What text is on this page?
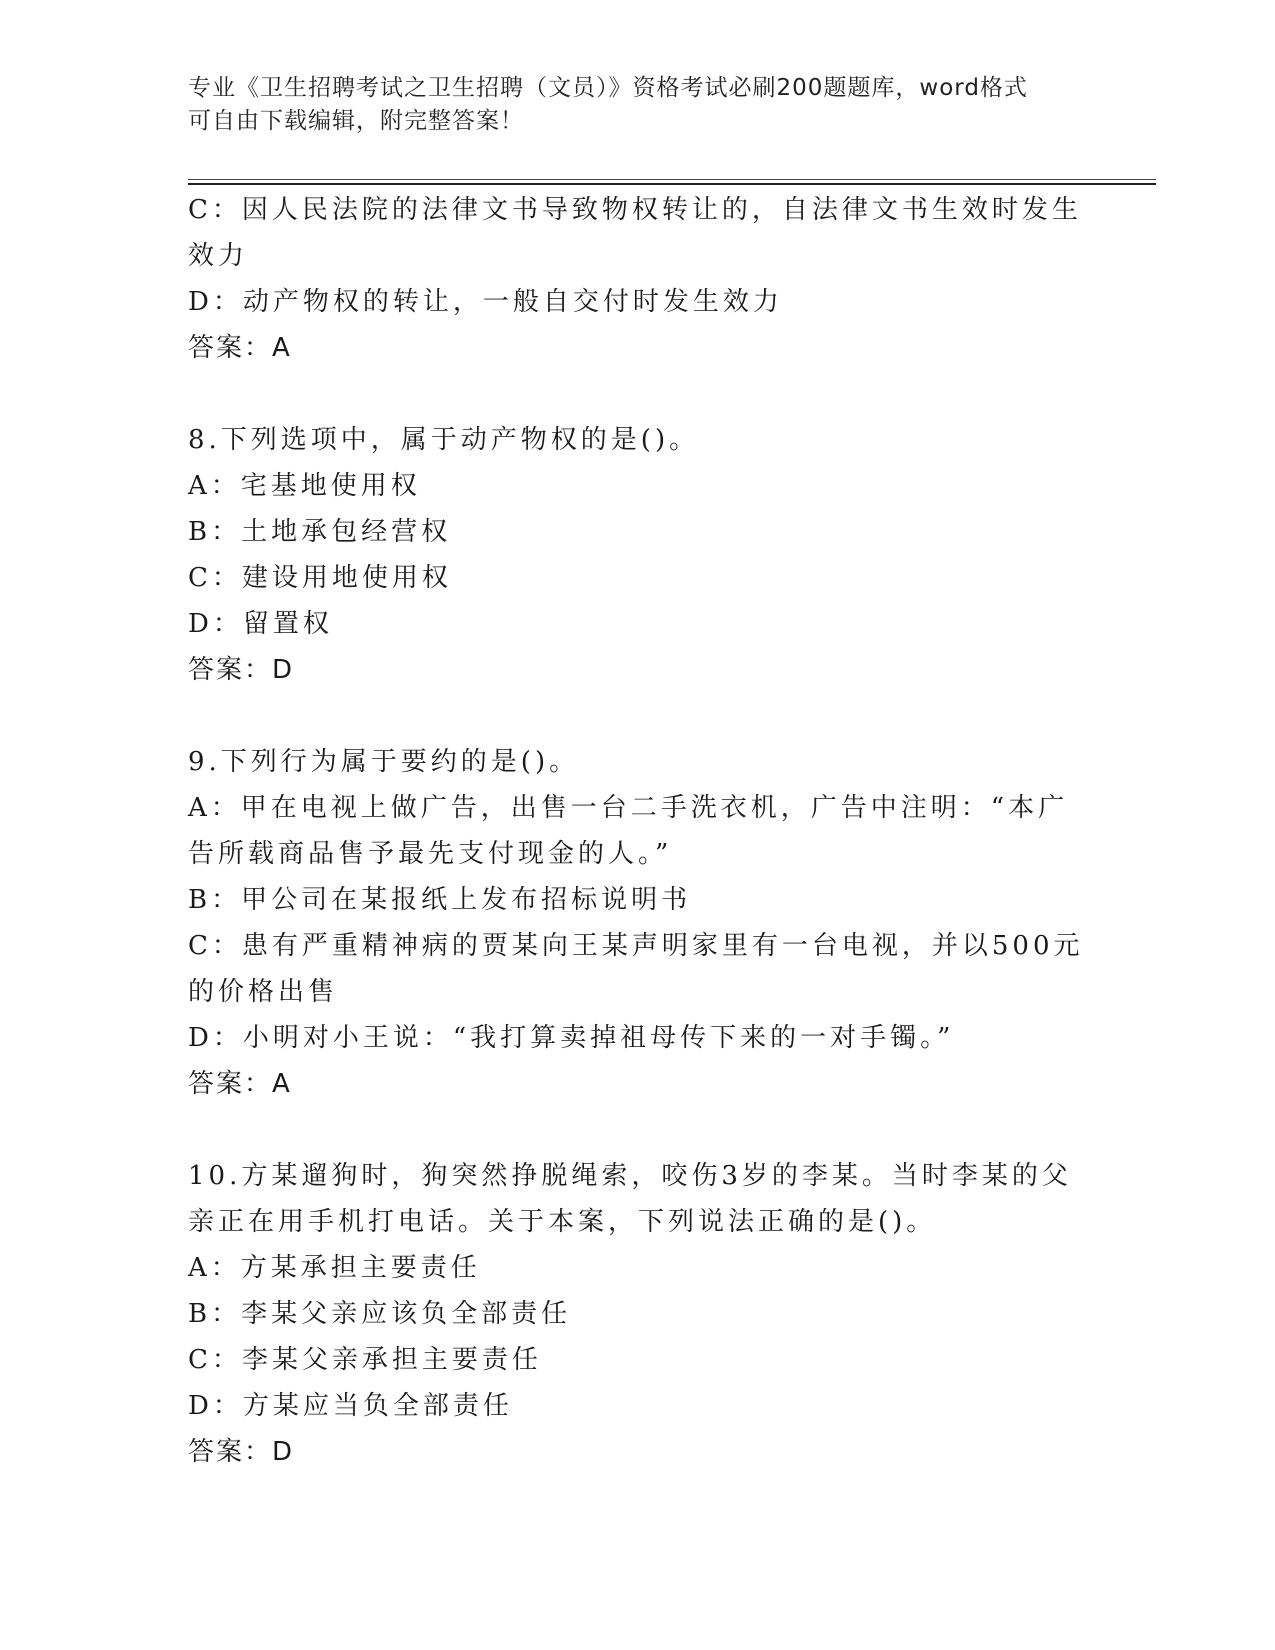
专业《卫生招聘考试之卫生招聘（文员）》资格考试必刷200题题库，word格式
可自由下载编辑，附完整答案！

C：因人民法院的法律文书导致物权转让的，自法律文书生效时发生效力

D：动产物权的转让，一般自交付时发生效力

答案：A

8.下列选项中，属于动产物权的是()。

A：宅基地使用权

B：土地承包经营权

C：建设用地使用权

D：留置权

答案：D

9.下列行为属于要约的是()。

A：甲在电视上做广告，出售一台二手洗衣机，广告中注明：“本广告所载商品售予最先支付现金的人。”

B：甲公司在某报纸上发布招标说明书

C：患有严重精神病的贾某向王某声明家里有一台电视，并以500元的价格出售

D：小明对小王说：“我打算卖掉祖母传下来的一对手镯。”

答案：A

10.方某遛狗时，狗突然挣脱绳索，咬伤3岁的李某。当时李某的父亲正在用手机打电话。关于本案，下列说法正确的是()。

A：方某承担主要责任

B：李某父亲应该负全部责任

C：李某父亲承担主要责任

D：方某应当负全部责任

答案：D
